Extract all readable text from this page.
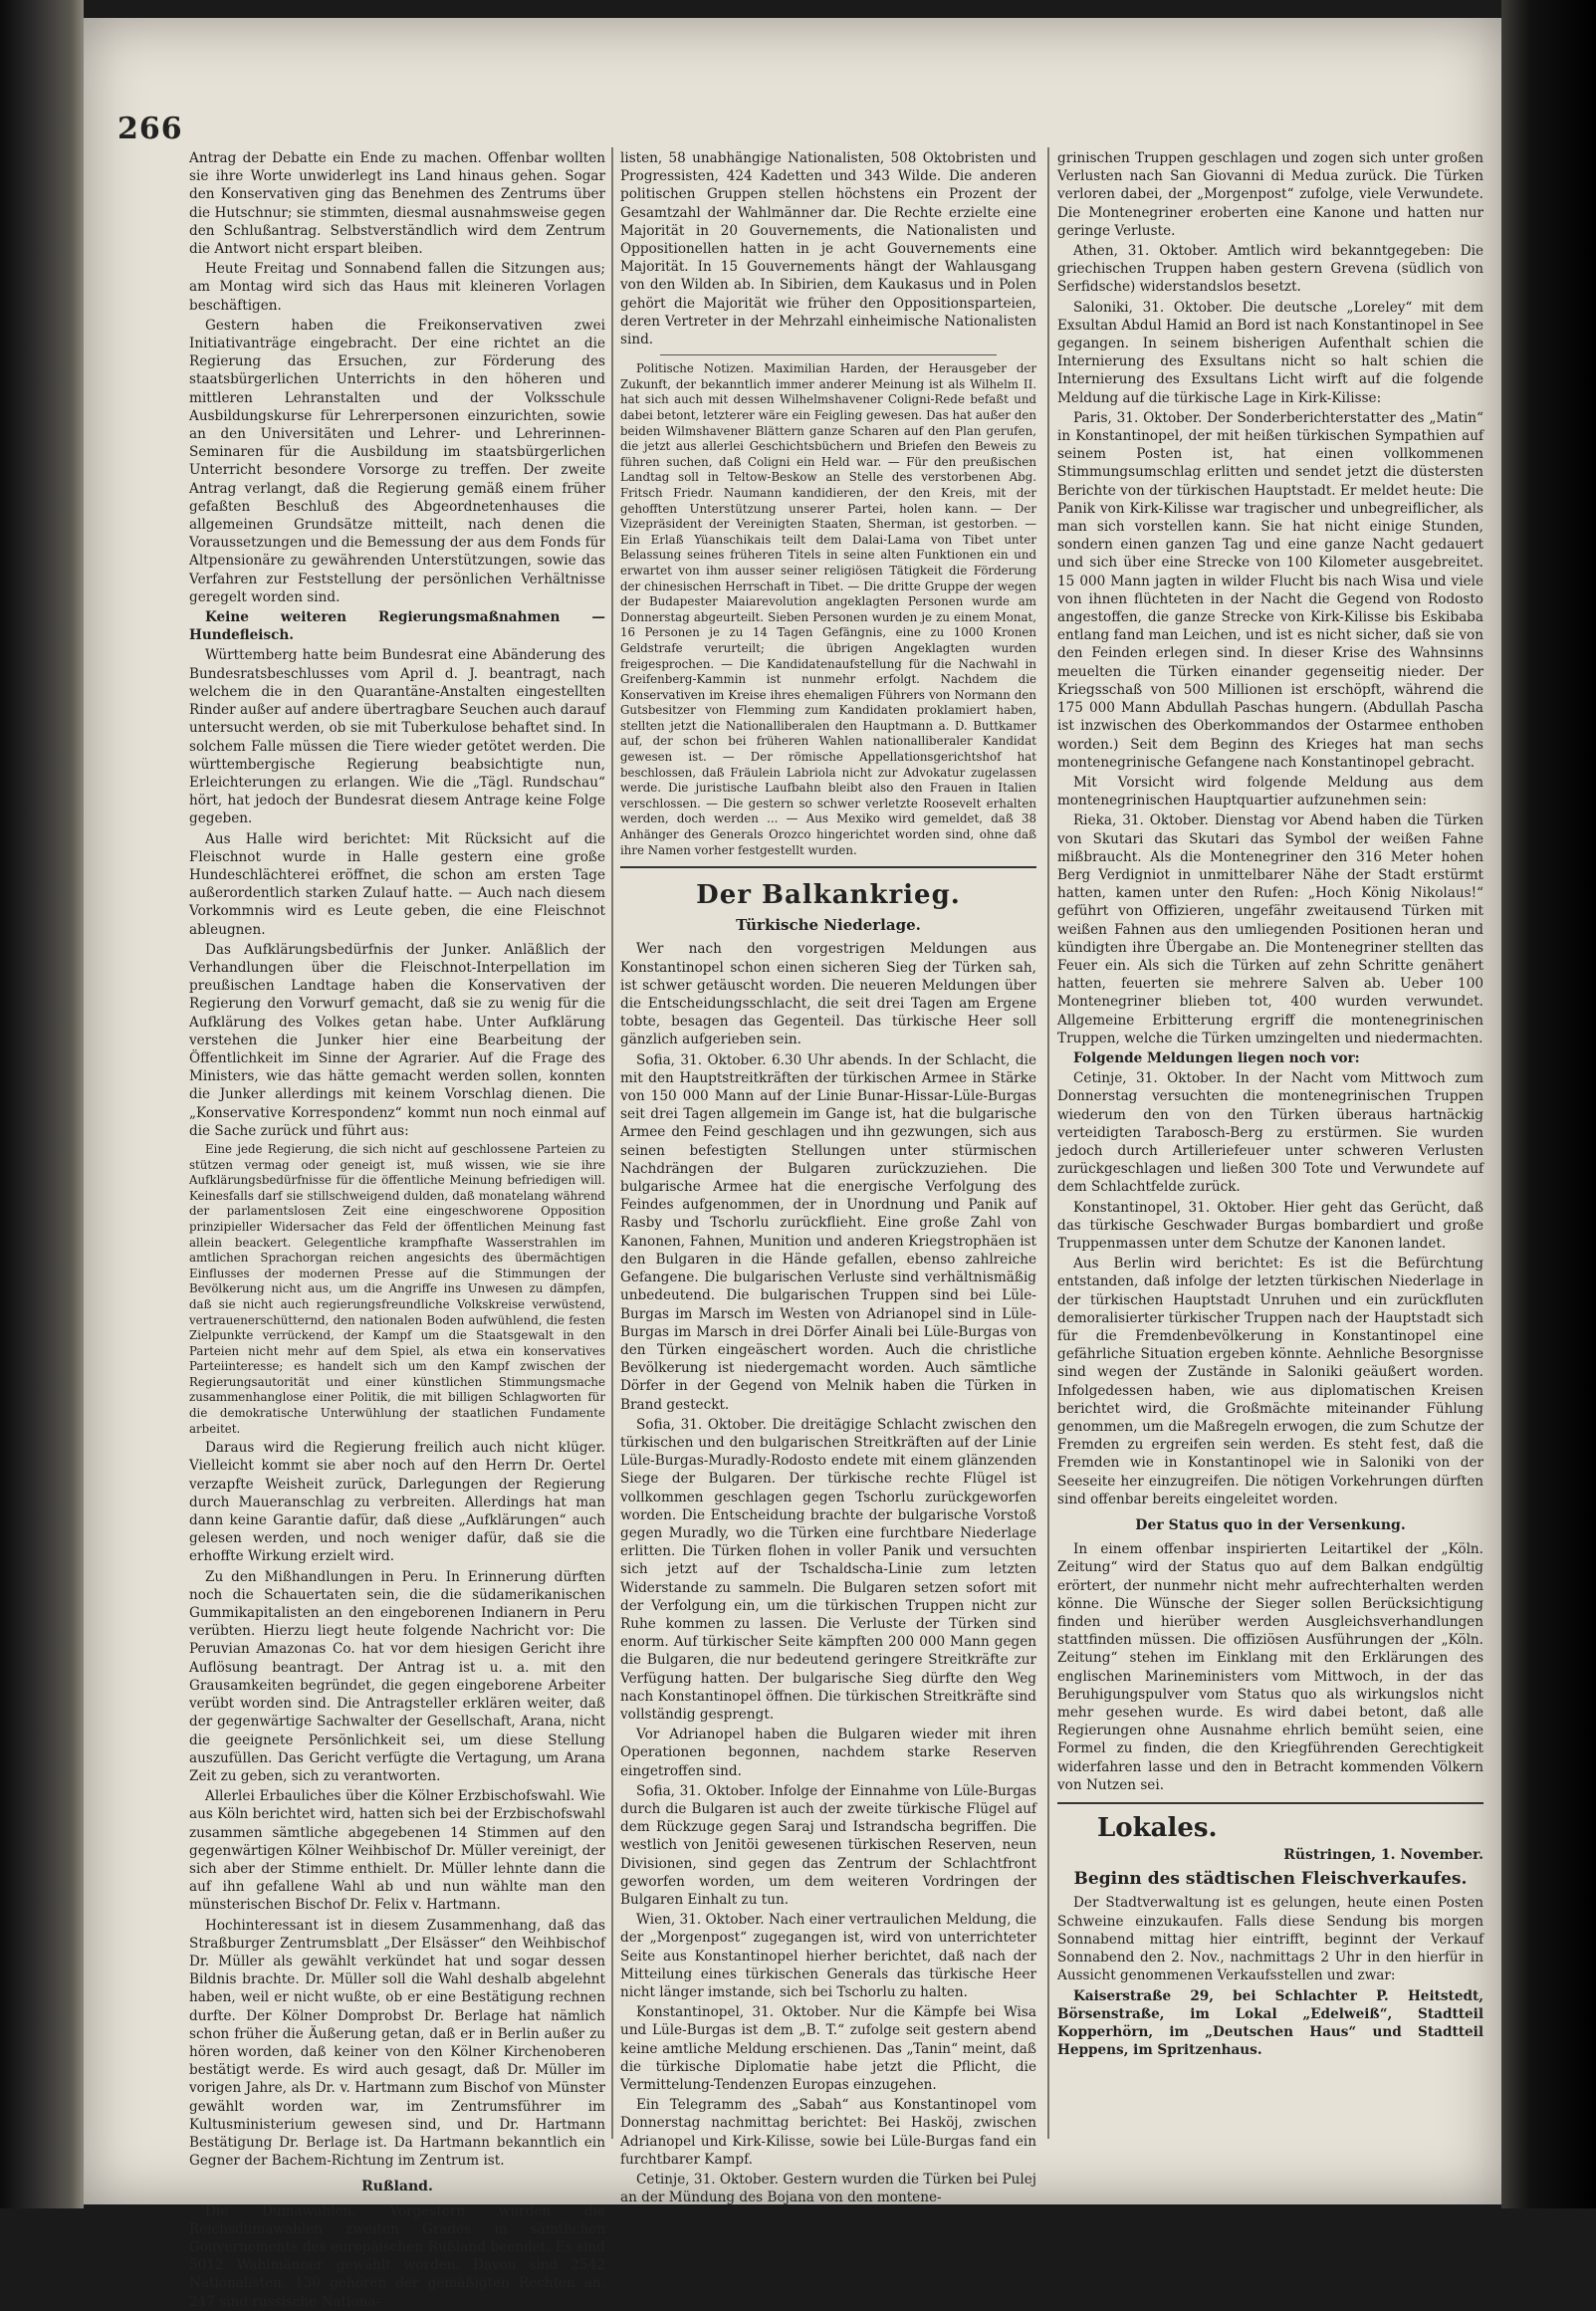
266

Antrag der Debatte ein Ende zu machen. Offenbar wollten sie ihre Worte unwiderlegt ins Land hinaus gehen. Sogar den Konservativen ging das Benehmen des Zentrums über die Hutschnur; sie stimmten, diesmal ausnahmsweise gegen den Schlußantrag. Selbstverständlich wird dem Zentrum die Antwort nicht erspart bleiben.

Heute Freitag und Sonnabend fallen die Sitzungen aus; am Montag wird sich das Haus mit kleineren Vorlagen beschäftigen.

Gestern haben die Freikonservativen zwei Initiativanträge eingebracht. Der eine richtet an die Regierung das Ersuchen, zur Förderung des staatsbürgerlichen Unterrichts in den höheren und mittleren Lehranstalten und der Volksschule Ausbildungskurse für Lehrerpersonen einzurichten, sowie an den Universitäten und Lehrer- und Lehrerinnen-Seminaren für die Ausbildung im staatsbürgerlichen Unterricht besondere Vorsorge zu treffen. Der zweite Antrag verlangt, daß die Regierung gemäß einem früher gefaßten Beschluß des Abgeordnetenhauses die allgemeinen Grundsätze mitteilt, nach denen die Voraussetzungen und die Bemessung der aus dem Fonds für Altpensionäre zu gewährenden Unterstützungen, sowie das Verfahren zur Feststellung der persönlichen Verhältnisse geregelt worden sind.

Keine weiteren Regierungsmaßnahmen — Hundefleisch.

Württemberg hatte beim Bundesrat eine Abänderung des Bundesratsbeschlusses vom April d. J. beantragt, nach welchem die in den Quarantäne-Anstalten eingestellten Rinder außer auf andere übertragbare Seuchen auch darauf untersucht werden, ob sie mit Tuberkulose behaftet sind. In solchem Falle müssen die Tiere wieder getötet werden. Die württembergische Regierung beabsichtigte nun, Erleichterungen zu erlangen. Wie die „Tägl. Rundschau“ hört, hat jedoch der Bundesrat diesem Antrage keine Folge gegeben.

Aus Halle wird berichtet: Mit Rücksicht auf die Fleischnot wurde in Halle gestern eine große Hundeschlächterei eröffnet, die schon am ersten Tage außerordentlich starken Zulauf hatte. — Auch nach diesem Vorkommnis wird es Leute geben, die eine Fleischnot ableugnen.

Das Aufklärungsbedürfnis der Junker. Anläßlich der Verhandlungen über die Fleischnot-Interpellation im preußischen Landtage haben die Konservativen der Regierung den Vorwurf gemacht, daß sie zu wenig für die Aufklärung des Volkes getan habe. Unter Aufklärung verstehen die Junker hier eine Bearbeitung der Öffentlichkeit im Sinne der Agrarier. Auf die Frage des Ministers, wie das hätte gemacht werden sollen, konnten die Junker allerdings mit keinem Vorschlag dienen. Die „Konservative Korrespondenz“ kommt nun noch einmal auf die Sache zurück und führt aus:

Eine jede Regierung, die sich nicht auf geschlossene Parteien zu stützen vermag oder geneigt ist, muß wissen, wie sie ihre Aufklärungsbedürfnisse für die öffentliche Meinung befriedigen will. Keinesfalls darf sie stillschweigend dulden, daß monatelang während der parlamentslosen Zeit eine eingeschworene Opposition prinzipieller Widersacher das Feld der öffentlichen Meinung fast allein beackert. Gelegentliche krampfhafte Wasserstrahlen im amtlichen Sprachorgan reichen angesichts des übermächtigen Einflusses der modernen Presse auf die Stimmungen der Bevölkerung nicht aus, um die Angriffe ins Unwesen zu dämpfen, daß sie nicht auch regierungsfreundliche Volkskreise verwüstend, vertrauenerschütternd, den nationalen Boden aufwühlend, die festen Zielpunkte verrückend, der Kampf um die Staatsgewalt in den Parteien nicht mehr auf dem Spiel, als etwa ein konservatives Parteiinteresse; es handelt sich um den Kampf zwischen der Regierungsautorität und einer künstlichen Stimmungsmache zusammenhanglose einer Politik, die mit billigen Schlagworten für die demokratische Unterwühlung der staatlichen Fundamente arbeitet.

Daraus wird die Regierung freilich auch nicht klüger. Vielleicht kommt sie aber noch auf den Herrn Dr. Oertel verzapfte Weisheit zurück, Darlegungen der Regierung durch Maueranschlag zu verbreiten. Allerdings hat man dann keine Garantie dafür, daß diese „Aufklärungen“ auch gelesen werden, und noch weniger dafür, daß sie die erhoffte Wirkung erzielt wird.

Zu den Mißhandlungen in Peru. In Erinnerung dürften noch die Schauertaten sein, die die südamerikanischen Gummikapitalisten an den eingeborenen Indianern in Peru verübten. Hierzu liegt heute folgende Nachricht vor: Die Peruvian Amazonas Co. hat vor dem hiesigen Gericht ihre Auflösung beantragt. Der Antrag ist u. a. mit den Grausamkeiten begründet, die gegen eingeborene Arbeiter verübt worden sind. Die Antragsteller erklären weiter, daß der gegenwärtige Sachwalter der Gesellschaft, Arana, nicht die geeignete Persönlichkeit sei, um diese Stellung auszufüllen. Das Gericht verfügte die Vertagung, um Arana Zeit zu geben, sich zu verantworten.

Allerlei Erbauliches über die Kölner Erzbischofswahl. Wie aus Köln berichtet wird, hatten sich bei der Erzbischofswahl zusammen sämtliche abgegebenen 14 Stimmen auf den gegenwärtigen Kölner Weihbischof Dr. Müller vereinigt, der sich aber der Stimme enthielt. Dr. Müller lehnte dann die auf ihn gefallene Wahl ab und nun wählte man den münsterischen Bischof Dr. Felix v. Hartmann.

Hochinteressant ist in diesem Zusammenhang, daß das Straßburger Zentrumsblatt „Der Elsässer“ den Weihbischof Dr. Müller als gewählt verkündet hat und sogar dessen Bildnis brachte. Dr. Müller soll die Wahl deshalb abgelehnt haben, weil er nicht wußte, ob er eine Bestätigung rechnen durfte. Der Kölner Domprobst Dr. Berlage hat nämlich schon früher die Äußerung getan, daß er in Berlin außer zu hören worden, daß keiner von den Kölner Kirchenoberen bestätigt werde. Es wird auch gesagt, daß Dr. Müller im vorigen Jahre, als Dr. v. Hartmann zum Bischof von Münster gewählt worden war, im Zentrumsführer im Kultusministerium gewesen sind, und Dr. Hartmann Bestätigung Dr. Berlage ist. Da Hartmann bekanntlich ein Gegner der Bachem-Richtung im Zentrum ist.

Rußland.

Die Dumawahlen. Vorgestern wurden die Reichsdumawahlen zweiten Grades in sämtlichen Gouvernements des europäischen Rußland beendet. Es sind 5012 Wahlmänner gewählt worden. Davon sind 2542 Nationalisten, 130 gehören der gemäßigten Rechten an, 247 sind russische Nationa-

listen, 58 unabhängige Nationalisten, 508 Oktobristen und Progressisten, 424 Kadetten und 343 Wilde. Die anderen politischen Gruppen stellen höchstens ein Prozent der Gesamtzahl der Wahlmänner dar. Die Rechte erzielte eine Majorität in 20 Gouvernements, die Nationalisten und Oppositionellen hatten in je acht Gouvernements eine Majorität. In 15 Gouvernements hängt der Wahlausgang von den Wilden ab. In Sibirien, dem Kaukasus und in Polen gehört die Majorität wie früher den Oppositionsparteien, deren Vertreter in der Mehrzahl einheimische Nationalisten sind.

Politische Notizen. Maximilian Harden, der Herausgeber der Zukunft, der bekanntlich immer anderer Meinung ist als Wilhelm II. hat sich auch mit dessen Wilhelmshavener Coligni-Rede befaßt und dabei betont, letzterer wäre ein Feigling gewesen. Das hat außer den beiden Wilmshavener Blättern ganze Scharen auf den Plan gerufen, die jetzt aus allerlei Geschichtsbüchern und Briefen den Beweis zu führen suchen, daß Coligni ein Held war. — Für den preußischen Landtag soll in Teltow-Beskow an Stelle des verstorbenen Abg. Fritsch Friedr. Naumann kandidieren, der den Kreis, mit der gehofften Unterstützung unserer Partei, holen kann. — Der Vizepräsident der Vereinigten Staaten, Sherman, ist gestorben. — Ein Erlaß Yüanschikais teilt dem Dalai-Lama von Tibet unter Belassung seines früheren Titels in seine alten Funktionen ein und erwartet von ihm ausser seiner religiösen Tätigkeit die Förderung der chinesischen Herrschaft in Tibet. — Die dritte Gruppe der wegen der Budapester Maiarevolution angeklagten Personen wurde am Donnerstag abgeurteilt. Sieben Personen wurden je zu einem Monat, 16 Personen je zu 14 Tagen Gefängnis, eine zu 1000 Kronen Geldstrafe verurteilt; die übrigen Angeklagten wurden freigesprochen. — Die Kandidatenaufstellung für die Nachwahl in Greifenberg-Kammin ist nunmehr erfolgt. Nachdem die Konservativen im Kreise ihres ehemaligen Führers von Normann den Gutsbesitzer von Flemming zum Kandidaten proklamiert haben, stellten jetzt die Nationalliberalen den Hauptmann a. D. Buttkamer auf, der schon bei früheren Wahlen nationalliberaler Kandidat gewesen ist. — Der römische Appellationsgerichtshof hat beschlossen, daß Fräulein Labriola nicht zur Advokatur zugelassen werde. Die juristische Laufbahn bleibt also den Frauen in Italien verschlossen. — Die gestern so schwer verletzte Roosevelt erhalten werden, doch werden ... — Aus Mexiko wird gemeldet, daß 38 Anhänger des Generals Orozco hingerichtet worden sind, ohne daß ihre Namen vorher festgestellt wurden.

Der Balkankrieg.
Türkische Niederlage.

Wer nach den vorgestrigen Meldungen aus Konstantinopel schon einen sicheren Sieg der Türken sah, ist schwer getäuscht worden. Die neueren Meldungen über die Entscheidungsschlacht, die seit drei Tagen am Ergene tobte, besagen das Gegenteil. Das türkische Heer soll gänzlich aufgerieben sein.

Sofia, 31. Oktober. 6.30 Uhr abends. In der Schlacht, die mit den Hauptstreitkräften der türkischen Armee in Stärke von 150 000 Mann auf der Linie Bunar-Hissar-Lüle-Burgas seit drei Tagen allgemein im Gange ist, hat die bulgarische Armee den Feind geschlagen und ihn gezwungen, sich aus seinen befestigten Stellungen unter stürmischen Nachdrängen der Bulgaren zurückzuziehen. Die bulgarische Armee hat die energische Verfolgung des Feindes aufgenommen, der in Unordnung und Panik auf Rasby und Tschorlu zurückflieht. Eine große Zahl von Kanonen, Fahnen, Munition und anderen Kriegstrophäen ist den Bulgaren in die Hände gefallen, ebenso zahlreiche Gefangene. Die bulgarischen Verluste sind verhältnismäßig unbedeutend. Die bulgarischen Truppen sind bei Lüle-Burgas im Marsch im Westen von Adrianopel sind in Lüle-Burgas im Marsch in drei Dörfer Ainali bei Lüle-Burgas von den Türken eingeäschert worden. Auch die christliche Bevölkerung ist niedergemacht worden. Auch sämtliche Dörfer in der Gegend von Melnik haben die Türken in Brand gesteckt.

Sofia, 31. Oktober. Die dreitägige Schlacht zwischen den türkischen und den bulgarischen Streitkräften auf der Linie Lüle-Burgas-Muradly-Rodosto endete mit einem glänzenden Siege der Bulgaren. Der türkische rechte Flügel ist vollkommen geschlagen gegen Tschorlu zurückgeworfen worden. Die Entscheidung brachte der bulgarische Vorstoß gegen Muradly, wo die Türken eine furchtbare Niederlage erlitten. Die Türken flohen in voller Panik und versuchten sich jetzt auf der Tschaldscha-Linie zum letzten Widerstande zu sammeln. Die Bulgaren setzen sofort mit der Verfolgung ein, um die türkischen Truppen nicht zur Ruhe kommen zu lassen. Die Verluste der Türken sind enorm. Auf türkischer Seite kämpften 200 000 Mann gegen die Bulgaren, die nur bedeutend geringere Streitkräfte zur Verfügung hatten. Der bulgarische Sieg dürfte den Weg nach Konstantinopel öffnen. Die türkischen Streitkräfte sind vollständig gesprengt.

Vor Adrianopel haben die Bulgaren wieder mit ihren Operationen begonnen, nachdem starke Reserven eingetroffen sind.

Sofia, 31. Oktober. Infolge der Einnahme von Lüle-Burgas durch die Bulgaren ist auch der zweite türkische Flügel auf dem Rückzuge gegen Saraj und Istrandscha begriffen. Die westlich von Jenitöi gewesenen türkischen Reserven, neun Divisionen, sind gegen das Zentrum der Schlachtfront geworfen worden, um dem weiteren Vordringen der Bulgaren Einhalt zu tun.

Wien, 31. Oktober. Nach einer vertraulichen Meldung, die der „Morgenpost“ zugegangen ist, wird von unterrichteter Seite aus Konstantinopel hierher berichtet, daß nach der Mitteilung eines türkischen Generals das türkische Heer nicht länger imstande, sich bei Tschorlu zu halten.

Konstantinopel, 31. Oktober. Nur die Kämpfe bei Wisa und Lüle-Burgas ist dem „B. T.“ zufolge seit gestern abend keine amtliche Meldung erschienen. Das „Tanin“ meint, daß die türkische Diplomatie habe jetzt die Pflicht, die Vermittelung-Tendenzen Europas einzugehen.

Ein Telegramm des „Sabah“ aus Konstantinopel vom Donnerstag nachmittag berichtet: Bei Hasköj, zwischen Adrianopel und Kirk-Kilisse, sowie bei Lüle-Burgas fand ein furchtbarer Kampf.

Cetinje, 31. Oktober. Gestern wurden die Türken bei Pulej an der Mündung des Bojana von den montene-

grinischen Truppen geschlagen und zogen sich unter großen Verlusten nach San Giovanni di Medua zurück. Die Türken verloren dabei, der „Morgenpost“ zufolge, viele Verwundete. Die Montenegriner eroberten eine Kanone und hatten nur geringe Verluste.

Athen, 31. Oktober. Amtlich wird bekanntgegeben: Die griechischen Truppen haben gestern Grevena (südlich von Serfidsche) widerstandslos besetzt.

Saloniki, 31. Oktober. Die deutsche „Loreley“ mit dem Exsultan Abdul Hamid an Bord ist nach Konstantinopel in See gegangen. In seinem bisherigen Aufenthalt schien die Internierung des Exsultans nicht so halt schien die Internierung des Exsultans Licht wirft auf die folgende Meldung auf die türkische Lage in Kirk-Kilisse:

Paris, 31. Oktober. Der Sonderberichterstatter des „Matin“ in Konstantinopel, der mit heißen türkischen Sympathien auf seinem Posten ist, hat einen vollkommenen Stimmungsumschlag erlitten und sendet jetzt die düstersten Berichte von der türkischen Hauptstadt. Er meldet heute: Die Panik von Kirk-Kilisse war tragischer und unbegreiflicher, als man sich vorstellen kann. Sie hat nicht einige Stunden, sondern einen ganzen Tag und eine ganze Nacht gedauert und sich über eine Strecke von 100 Kilometer ausgebreitet. 15 000 Mann jagten in wilder Flucht bis nach Wisa und viele von ihnen flüchteten in der Nacht die Gegend von Rodosto angestoffen, die ganze Strecke von Kirk-Kilisse bis Eskibaba entlang fand man Leichen, und ist es nicht sicher, daß sie von den Feinden erlegen sind. In dieser Krise des Wahnsinns meuelten die Türken einander gegenseitig nieder. Der Kriegsschaß von 500 Millionen ist erschöpft, während die 175 000 Mann Abdullah Paschas hungern. (Abdullah Pascha ist inzwischen des Oberkommandos der Ostarmee enthoben worden.) Seit dem Beginn des Krieges hat man sechs montenegrinische Gefangene nach Konstantinopel gebracht.

Mit Vorsicht wird folgende Meldung aus dem montenegrinischen Hauptquartier aufzunehmen sein:

Rieka, 31. Oktober. Dienstag vor Abend haben die Türken von Skutari das Skutari das Symbol der weißen Fahne mißbraucht. Als die Montenegriner den 316 Meter hohen Berg Verdigniot in unmittelbarer Nähe der Stadt erstürmt hatten, kamen unter den Rufen: „Hoch König Nikolaus!“ geführt von Offizieren, ungefähr zweitausend Türken mit weißen Fahnen aus den umliegenden Positionen heran und kündigten ihre Übergabe an. Die Montenegriner stellten das Feuer ein. Als sich die Türken auf zehn Schritte genähert hatten, feuerten sie mehrere Salven ab. Ueber 100 Montenegriner blieben tot, 400 wurden verwundet. Allgemeine Erbitterung ergriff die montenegrinischen Truppen, welche die Türken umzingelten und niedermachten.

Folgende Meldungen liegen noch vor:

Cetinje, 31. Oktober. In der Nacht vom Mittwoch zum Donnerstag versuchten die montenegrinischen Truppen wiederum den von den Türken überaus hartnäckig verteidigten Tarabosch-Berg zu erstürmen. Sie wurden jedoch durch Artilleriefeuer unter schweren Verlusten zurückgeschlagen und ließen 300 Tote und Verwundete auf dem Schlachtfelde zurück.

Konstantinopel, 31. Oktober. Hier geht das Gerücht, daß das türkische Geschwader Burgas bombardiert und große Truppenmassen unter dem Schutze der Kanonen landet.

Aus Berlin wird berichtet: Es ist die Befürchtung entstanden, daß infolge der letzten türkischen Niederlage in der türkischen Hauptstadt Unruhen und ein zurückfluten demoralisierter türkischer Truppen nach der Hauptstadt sich für die Fremdenbevölkerung in Konstantinopel eine gefährliche Situation ergeben könnte. Aehnliche Besorgnisse sind wegen der Zustände in Saloniki geäußert worden. Infolgedessen haben, wie aus diplomatischen Kreisen berichtet wird, die Großmächte miteinander Fühlung genommen, um die Maßregeln erwogen, die zum Schutze der Fremden zu ergreifen sein werden. Es steht fest, daß die Fremden wie in Konstantinopel wie in Saloniki von der Seeseite her einzugreifen. Die nötigen Vorkehrungen dürften sind offenbar bereits eingeleitet worden.

Der Status quo in der Versenkung.

In einem offenbar inspirierten Leitartikel der „Köln. Zeitung“ wird der Status quo auf dem Balkan endgültig erörtert, der nunmehr nicht mehr aufrechterhalten werden könne. Die Wünsche der Sieger sollen Berücksichtigung finden und hierüber werden Ausgleichsverhandlungen stattfinden müssen. Die offiziösen Ausführungen der „Köln. Zeitung“ stehen im Einklang mit den Erklärungen des englischen Marineministers vom Mittwoch, in der das Beruhigungspulver vom Status quo als wirkungslos nicht mehr gesehen wurde. Es wird dabei betont, daß alle Regierungen ohne Ausnahme ehrlich bemüht seien, eine Formel zu finden, die den Kriegführenden Gerechtigkeit widerfahren lasse und den in Betracht kommenden Völkern von Nutzen sei.

Lokales.
Rüstringen, 1. November.
Beginn des städtischen Fleischverkaufes.

Der Stadtverwaltung ist es gelungen, heute einen Posten Schweine einzukaufen. Falls diese Sendung bis morgen Sonnabend mittag hier eintrifft, beginnt der Verkauf Sonnabend den 2. Nov., nachmittags 2 Uhr in den hierfür in Aussicht genommenen Verkaufsstellen und zwar:

Kaiserstraße 29, bei Schlachter P. Heitstedt, Börsenstraße, im Lokal „Edelweiß“, Stadtteil Kopperhörn, im „Deutschen Haus“ und Stadtteil Heppens, im Spritzenhaus.
